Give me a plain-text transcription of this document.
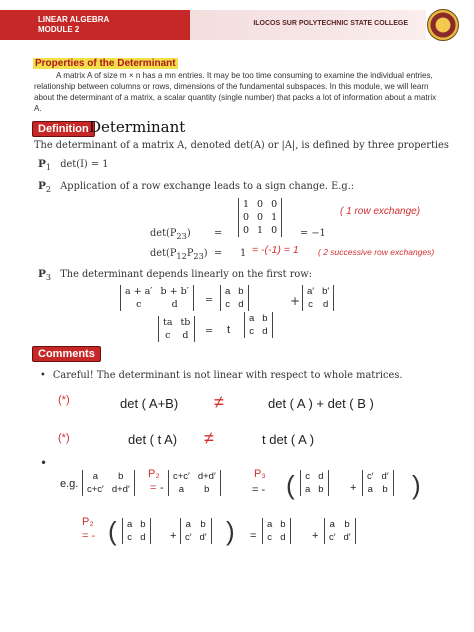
LINEAR ALGEBRA
MODULE 2
ILOCOS SUR POLYTECHNIC STATE COLLEGE
Properties of the Determinant
A matrix A of size m × n has a mn entries. It may be too time consuming to examine the individual entries, relationship between columns or rows, dimensions of the fundamental subspaces. In this module, we will learn about the determinant of a matrix, a scalar quantity (single number) that packs a lot of information about a matrix A.
Definition Determinant
The determinant of a matrix A, denoted det(A) or |A|, is defined by three properties
$P_1$ det(I) = 1
$P_2$ Application of a row exchange leads to a sign change. E.g.:
$\det(P_{23})$ =
1	0	0
0	0	1
0	1	0 = −1
( 1 row exchange)
$\det(P_{12}P_{23}) = 1 = -(-1) = 1$ ( 2 successive row exchanges)
$P_3$ The determinant depends linearly on the first row:
a + a′	b + b′
c	d	=
a	b
c	d	+
a′	b′
c	d
ta	tb
c	d = t
a	b
c	d
Comments
• Careful! The determinant is not linear with respect to whole matrices.
(*)	det ( A+B) ≠	det ( A ) + det ( B )
(*)	det ( t A) ≠	t det ( A )
•
e.g.
a	b
c+c′	d+d′
P₂
= -
c+c′	d+d′
a	b
P₃
= - ( c	d
a	b +
c′	d′
a	b )
P₂
= - ( a	b
c	d +
a	b
c′	d′ ) =
a	b
c	d +
a	b
c′	d′
